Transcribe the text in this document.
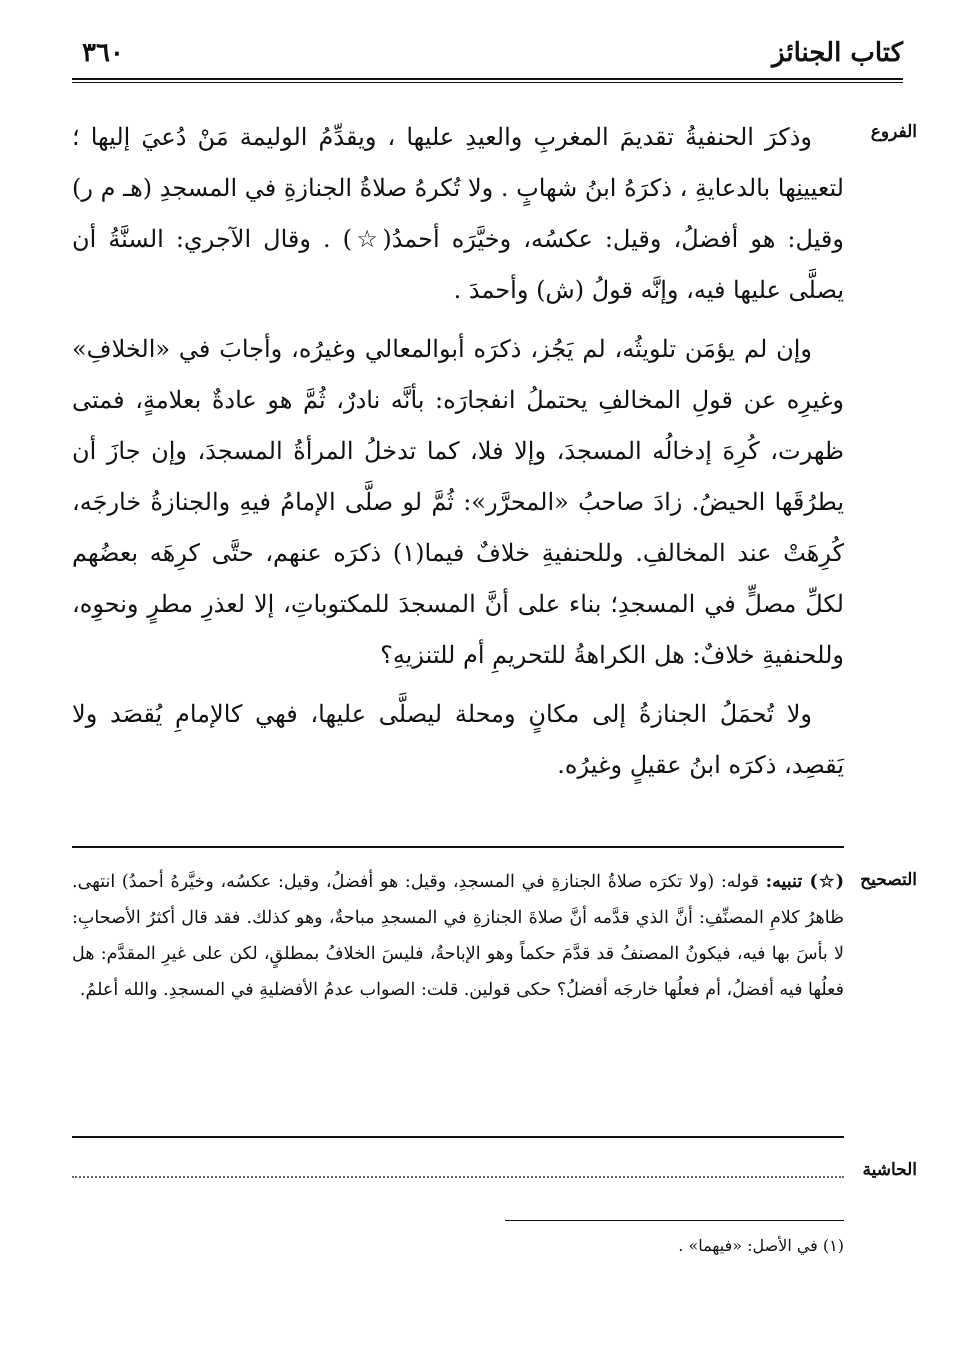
٣٦٠	كتاب الجنائز
الفروع

وذكرَ الحنفيةُ تقديمَ المغربِ والعيدِ عليها ، ويقدِّمُ الوليمة مَنْ دُعيَ إليها ؛ لتعيينِها بالدعايةِ ، ذكرَهُ ابنُ شهابٍ . ولا تُكرهُ صلاةُ الجنازةِ في المسجدِ (هـ م ر) وقيل: هو أفضلُ، وقيل: عكسُه، وخيَّرَه أحمدُ(☆) . وقال الآجري: السنَّةُ أن يصلَّى عليها فيه، وإنَّه قولُ (ش) وأحمدَ .

وإن لم يؤمَن تلويثُه، لم يَجُز، ذكرَه أبوالمعالي وغيرُه، وأجابَ في «الخلافِ» وغيرِه عن قولِ المخالفِ يحتملُ انفجارَه: بأنَّه نادرٌ، ثُمَّ هو عادةٌ بعلامةٍ، فمتى ظهرت، كُرِهَ إدخالُه المسجدَ، وإلا فلا، كما تدخلُ المرأةُ المسجدَ، وإن جازَ أن يطرُقَها الحيضُ. زادَ صاحبُ «المحرَّر»: ثُمَّ لو صلَّى الإمامُ فيهِ والجنازةُ خارجَه، كُرِهَتْ عند المخالفِ. وللحنفيةِ خلافٌ فيما(١) ذكرَه عنهم، حتَّى كرِهَه بعضُهم لكلِّ مصلٍّ في المسجدِ؛ بناء على أنَّ المسجدَ للمكتوباتِ، إلا لعذرِ مطرٍ ونحوِه، وللحنفيةِ خلافٌ: هل الكراهةُ للتحريمِ أم للتنزيهِ؟

ولا تُحمَلُ الجنازةُ إلى مكانٍ ومحلة ليصلَّى عليها، فهي كالإمامِ يُقصَد ولا يَقصِد، ذكرَه ابنُ عقيلٍ وغيرُه.

التصحيح

(☆) تنبيه: قوله: (ولا تكرَه صلاةُ الجنازةِ في المسجدِ، وقيل: هو أفضلُ، وقيل: عكسُه، وخيَّرهُ أحمدُ) انتهى. ظاهرُ كلامِ المصنِّفِ: أنَّ الذي قدَّمه أنَّ صلاةَ الجنازةِ في المسجدِ مباحةٌ، وهو كذلك. فقد قال أكثرُ الأصحابِ: لا بأسَ بها فيه، فيكونُ المصنفُ قد قدَّمَ حكماً وهو الإباحةُ، فليسَ الخلافُ بمطلقٍ، لكن على غيرِ المقدَّم: هل فعلُها فيه أفضلُ، أم فعلُها خارجَه أفضلُ؟ حكى قولين. قلت: الصواب عدمُ الأفضليةِ في المسجدِ. والله أعلمُ.

الحاشية
(١) في الأصل: «فيهما» .
